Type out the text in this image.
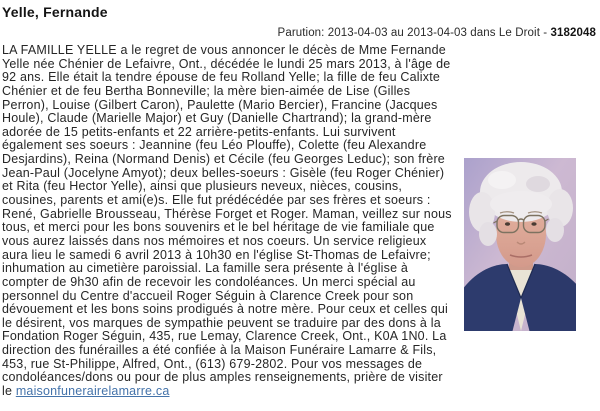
Yelle, Fernande
Parution: 2013-04-03 au 2013-04-03 dans Le Droit - 3182048
LA FAMILLE YELLE a le regret de vous annoncer le décès de Mme Fernande
Yelle née Chénier de Lefaivre, Ont., décédée le lundi 25 mars 2013, à l'âge de
92 ans. Elle était la tendre épouse de feu Rolland Yelle; la fille de feu Calixte
Chénier et de feu Bertha Bonneville; la mère bien-aimée de Lise (Gilles
Perron), Louise (Gilbert Caron), Paulette (Mario Bercier), Francine (Jacques
Houle), Claude (Marielle Major) et Guy (Danielle Chartrand); la grand-mère
adorée de 15 petits-enfants et 22 arrière-petits-enfants. Lui survivent
également ses soeurs : Jeannine (feu Léo Plouffe), Colette (feu Alexandre
Desjardins), Reina (Normand Denis) et Cécile (feu Georges Leduc); son frère
Jean-Paul (Jocelyne Amyot); deux belles-soeurs : Gisèle (feu Roger Chénier)
et Rita (feu Hector Yelle), ainsi que plusieurs neveux, nièces, cousins,
cousines, parents et ami(e)s. Elle fut prédécédée par ses frères et soeurs :
René, Gabrielle Brousseau, Thérèse Forget et Roger. Maman, veillez sur nous
tous, et merci pour les bons souvenirs et le bel héritage de vie familiale que
vous aurez laissés dans nos mémoires et nos coeurs. Un service religieux
aura lieu le samedi 6 avril 2013 à 10h30 en l'église St-Thomas de Lefaivre;
inhumation au cimetière paroissial. La famille sera présente à l'église à
compter de 9h30 afin de recevoir les condoléances. Un merci spécial au
personnel du Centre d'accueil Roger Séguin à Clarence Creek pour son
dévouement et les bons soins prodigués à notre mère. Pour ceux et celles qui
le désirent, vos marques de sympathie peuvent se traduire par des dons à la
Fondation Roger Séguin, 435, rue Lemay, Clarence Creek, Ont., K0A 1N0. La
direction des funérailles a été confiée à la Maison Funéraire Lamarre & Fils,
453, rue St-Philippe, Alfred, Ont., (613) 679-2802. Pour vos messages de
condoléances/dons ou pour de plus amples renseignements, prière de visiter
le maisonfunerairelamarre.ca
